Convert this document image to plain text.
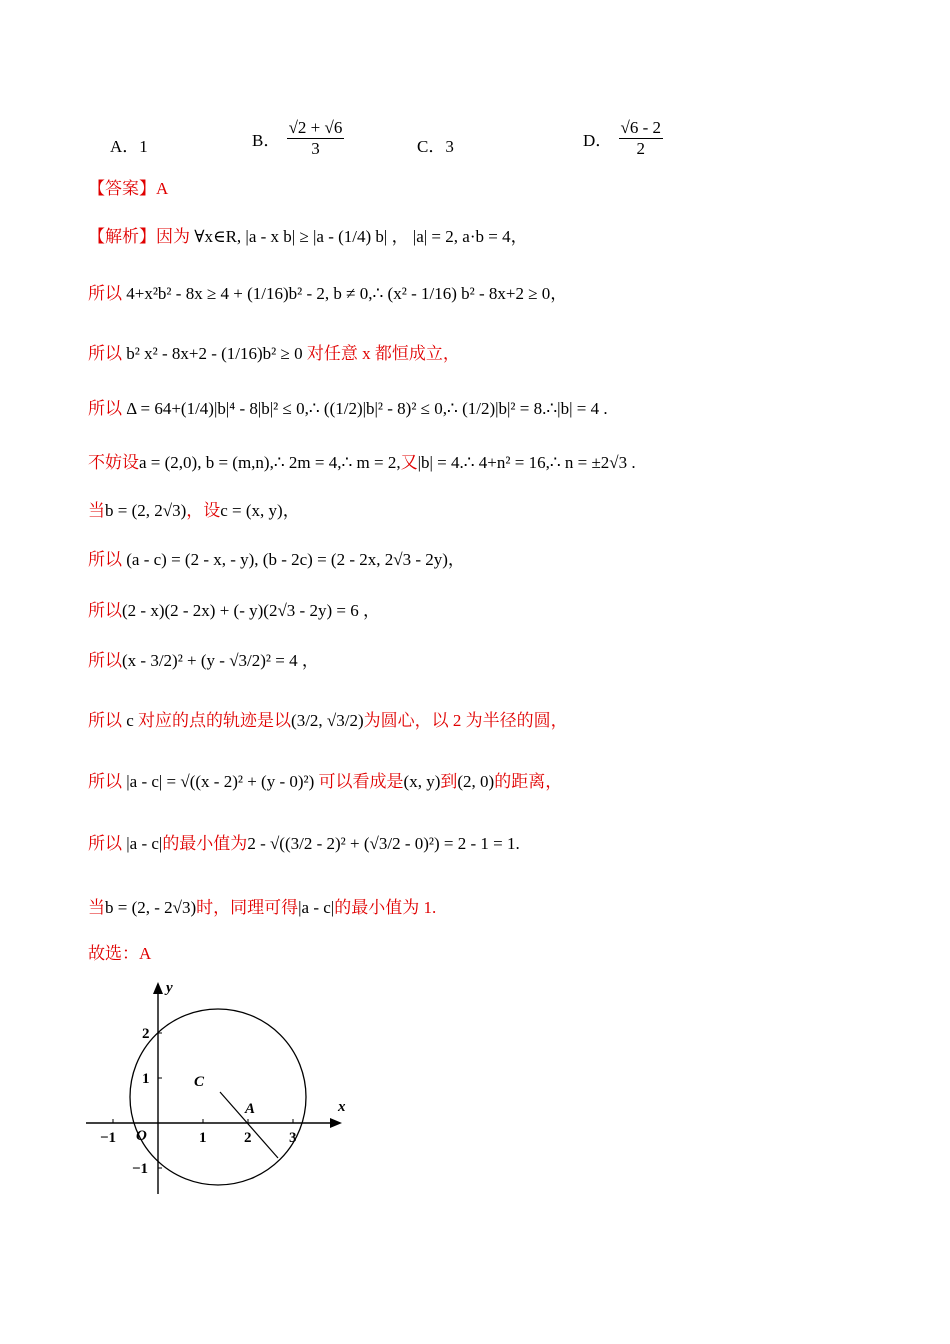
A．1	B． $\frac{√2 + √6}{3}$	C．3	D． $\frac{√6 - 2}{2}$
【答案】A
【解析】因为 ∀x∈R, |a - x b| ≥ |a - (1/4) b| ， |a| = 2, a·b = 4，
所以 4+x²b² - 8x ≥ 4 + (1/16)b² - 2, b ≠ 0,∴ (x² - 1/16) b² - 8x+2 ≥ 0，
所以 b² x² - 8x+2 - (1/16)b² ≥ 0 对任意 x 都恒成立，
所以 Δ = 64+(1/4)|b|⁴ - 8|b|² ≤ 0,∴ ((1/2)|b|² - 8)² ≤ 0,∴ (1/2)|b|² = 8.∴|b| = 4 .
不妨设a = (2,0), b = (m,n),∴ 2m = 4,∴ m = 2,又|b| = 4.∴ 4+n² = 16,∴ n = ±2√3 .
当b = (2, 2√3)，设c = (x, y)，
所以 (a - c) = (2 - x, - y), (b - 2c) = (2 - 2x, 2√3 - 2y)，
所以(2 - x)(2 - 2x) + (- y)(2√3 - 2y) = 6 ，
所以(x - 3/2)² + (y - √3/2)² = 4 ，
所以 c 对应的点的轨迹是以(3/2, √3/2)为圆心，以 2 为半径的圆，
所以 |a - c| = √((x - 2)² + (y - 0)²) 可以看成是(x, y)到(2, 0)的距离，
所以 |a - c|的最小值为2 - √((3/2 - 2)² + (√3/2 - 0)²) = 2 - 1 = 1.
当b = (2, - 2√3)时，同理可得|a - c|的最小值为 1.
故选：A
y
x
C
A
O
2
1
−1
−1	1	2	3
